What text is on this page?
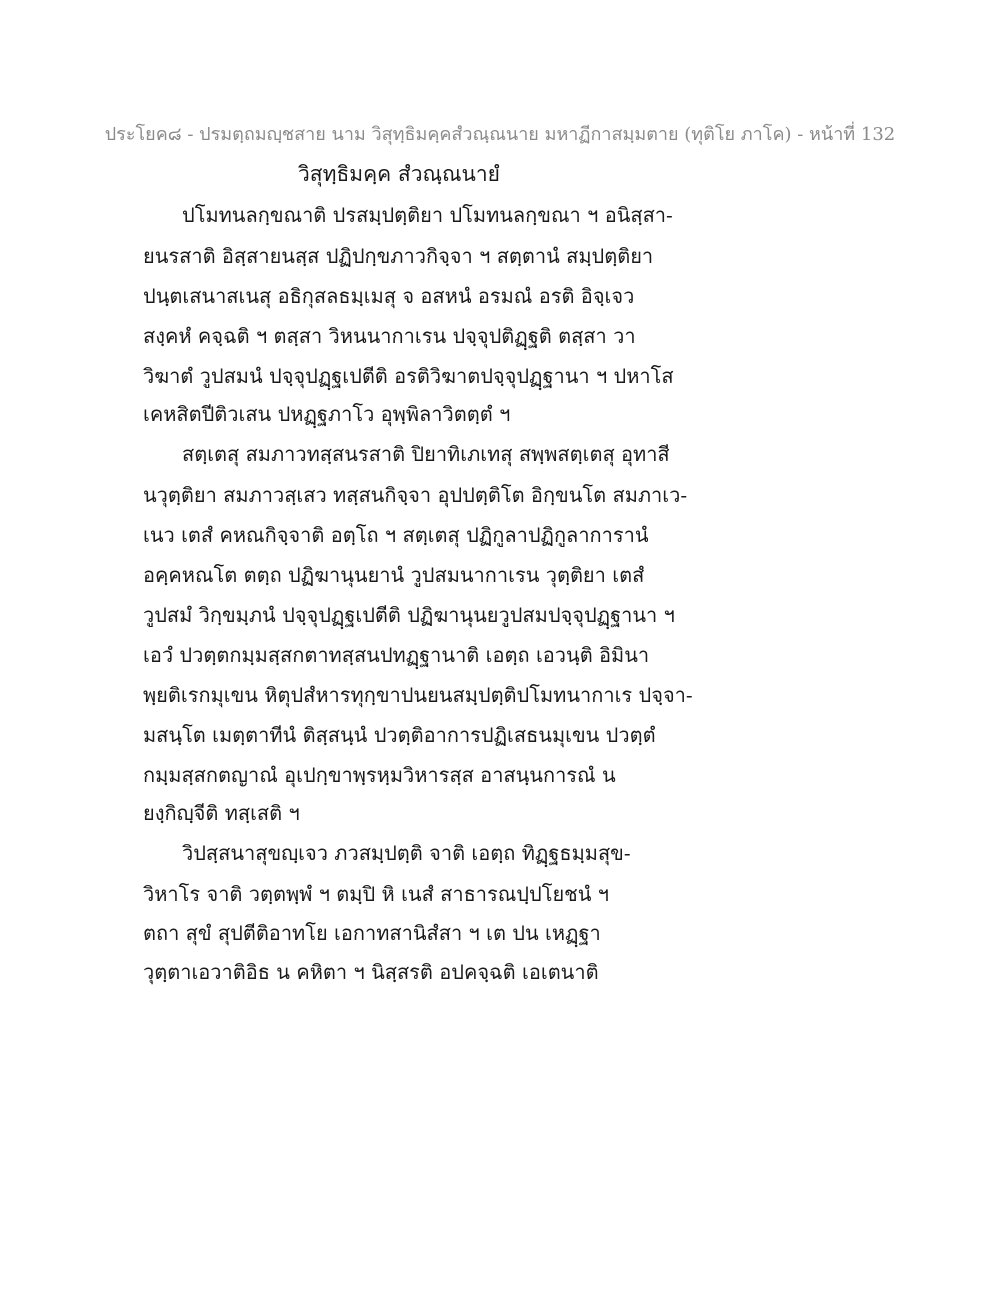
ประโยค๘ - ปรมตฺถมญฺชสาย นาม วิสุทฺธิมคฺคสํวณฺณนาย มหาฏีกาสมฺมตาย (ทุติโย ภาโค) - หน้าที่ 132
วิสุทฺธิมคฺค สํวณฺณนายํ
ปโมทนลกฺขณาติ ปรสมฺปตฺติยา ปโมทนลกฺขณา ฯ อนิสฺสา-
ยนรสาติ อิสฺสายนสฺส ปฏิปกฺขภาวกิจฺจา ฯ สตฺตานํ สมฺปตฺติยา
ปนฺตเสนาสเนสุ อธิกุสลธมฺเมสุ จ อสหนํ อรมณํ อรติ อิจฺเจว
สงฺคหํ คจฺฉติ ฯ ตสฺสา วิหนนากาเรน ปจฺจุปติฏฺฐติ ตสฺสา วา
วิฆาตํ วูปสมนํ ปจฺจุปฏฺฐเปตีติ อรติวิฆาตปจฺจุปฏฺฐานา ฯ ปหาโส
เคหสิตปีติวเสน ปหฏฺฐภาโว อุพฺพิลาวิตตฺตํ ฯ
สตฺเตสุ สมภาวทสฺสนรสาติ ปิยาทิเภเทสุ สพฺพสตฺเตสุ อุทาสี
นวุตฺติยา สมภาวสฺเสว ทสฺสนกิจฺจา อุปปตฺติโต อิกฺขนโต สมภาเว-
เนว เตสํ คหณกิจฺจาติ อตฺโถ ฯ สตฺเตสุ ปฏิกูลาปฏิกูลาการานํ
อคฺคหณโต ตตฺถ ปฏิฆานุนยานํ วูปสมนากาเรน วุตฺติยา เตสํ
วูปสมํ วิกฺขมฺภนํ ปจฺจุปฏฺฐเปตีติ ปฏิฆานุนยวูปสมปจฺจุปฏฺฐานา ฯ
เอวํ ปวตฺตกมฺมสฺสกตาทสฺสนปทฏฺฐานาติ เอตฺถ เอวนฺติ อิมินา
พฺยติเรกมุเขน หิตุปสํหารทุกฺขาปนยนสมฺปตฺติปโมทนากาเร ปจฺจา-
มสนฺโต เมตฺตาทีนํ ติสฺสนฺนํ ปวตฺติอาการปฏิเสธนมุเขน ปวตฺตํ
กมฺมสฺสกตญาณํ อุเปกฺขาพฺรหฺมวิหารสฺส อาสนฺนการณํ น
ยงฺกิญฺจีติ ทสฺเสติ ฯ
วิปสฺสนาสุขญฺเจว ภวสมฺปตฺติ จาติ เอตฺถ ทิฏฺฐธมฺมสุข-
วิหาโร จาติ วตฺตพฺพํ ฯ ตมฺปิ หิ เนสํ สาธารณปฺปโยชนํ ฯ
ตถา สุขํ สุปตีติอาทโย เอกาทสานิสํสา ฯ เต ปน เหฏฺฐา
วุตฺตาเอวาติอิธ น คหิตา ฯ นิสฺสรติ อปคจฺฉติ เอเตนาติ
